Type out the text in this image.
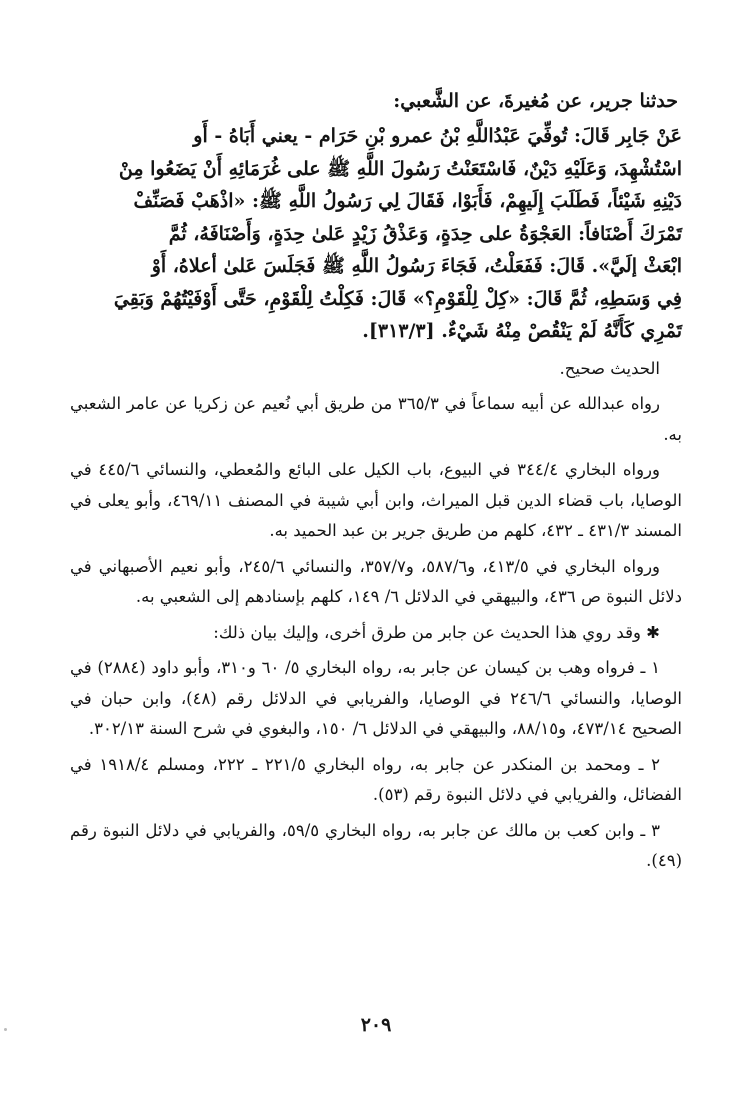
حدثنا جرير، عن مُغيرةَ، عن الشَّعبي:

عَنْ جَابِر قَالَ: تُوفِّيَ عَبْدُاللَّهِ بْنُ عمرو بْنِ حَرَام - يعني أَبَاهُ - أَو

اسْتُشْهِدَ، وَعَلَيْهِ دَيْنٌ، فَاسْتَعَنْتُ رَسُولَ اللَّهِ ﷺ على غُرَمَائِهِ أَنْ يَضَعُوا مِنْ

دَيْنِهِ شَيْئاً، فَطَلَبَ إِلَيهِمْ، فَأَبَوْا، فَقَالَ لِي رَسُولُ اللَّهِ ﷺ: «اذْهَبْ فَصَنِّفْ

تَمْرَكَ أَصْنَافاً: العَجْوَةُ على حِدَةٍ، وَعَذْقُ زَيْدٍ عَلىٰ حِدَةٍ، وَأَصْنَافَهُ، ثُمَّ

ابْعَثْ إلَيَّ». قَالَ: فَفَعَلْتُ، فَجَاءَ رَسُولُ اللَّهِ ﷺ فَجَلَسَ عَلىٰ أعلاهُ، أَوْ

فِي وَسَطِهِ، ثُمَّ قَالَ: «كِلْ لِلْقَوْمِ؟» قَالَ: فَكِلْتُ لِلْقَوْمِ، حَتَّى أَوْفَيْتُهُمْ وَبَقِيَ

تَمْرِي كَأَنَّهُ لَمْ يَنْقُصْ مِنْهُ شَيْءٌ. [٣١٣/٣].

الحديث صحيح.

رواه عبدالله عن أبيه سماعاً في ٣٦٥/٣ من طريق أبي نُعيم عن زكريا عن عامر الشعبي به.

ورواه البخاري ٣٤٤/٤ في البيوع، باب الكيل على البائع والمُعطي، والنسائي ٤٤٥/٦ في الوصايا، باب قضاء الدين قبل الميراث، وابن أبي شيبة في المصنف ٤٦٩/١١، وأبو يعلى في المسند ٤٣١/٣ ـ ٤٣٢، كلهم من طريق جرير بن عبد الحميد به.

ورواه البخاري في ٤١٣/٥، و٥٨٧/٦، و٣٥٧/٧، والنسائي ٢٤٥/٦، وأبو نعيم الأصبهاني في دلائل النبوة ص ٤٣٦، والبيهقي في الدلائل ٦/ ١٤٩، كلهم بإسنادهم إلى الشعبي به.

✱ وقد روي هذا الحديث عن جابر من طرق أخرى، وإليك بيان ذلك:

١ ـ فرواه وهب بن كيسان عن جابر به، رواه البخاري ٥/ ٦٠ و٣١٠، وأبو داود (٢٨٨٤) في الوصايا، والنسائي ٢٤٦/٦ في الوصايا، والفريابي في الدلائل رقم (٤٨)، وابن حبان في الصحيح ٤٧٣/١٤، و٨٨/١٥، والبيهقي في الدلائل ٦/ ١٥٠، والبغوي في شرح السنة ٣٠٢/١٣.

٢ ـ ومحمد بن المنكدر عن جابر به، رواه البخاري ٢٢١/٥ ـ ٢٢٢، ومسلم ١٩١٨/٤ في الفضائل، والفريابي في دلائل النبوة رقم (٥٣).

٣ ـ وابن كعب بن مالك عن جابر به، رواه البخاري ٥٩/٥، والفريابي في دلائل النبوة رقم (٤٩).

٢٠٩
